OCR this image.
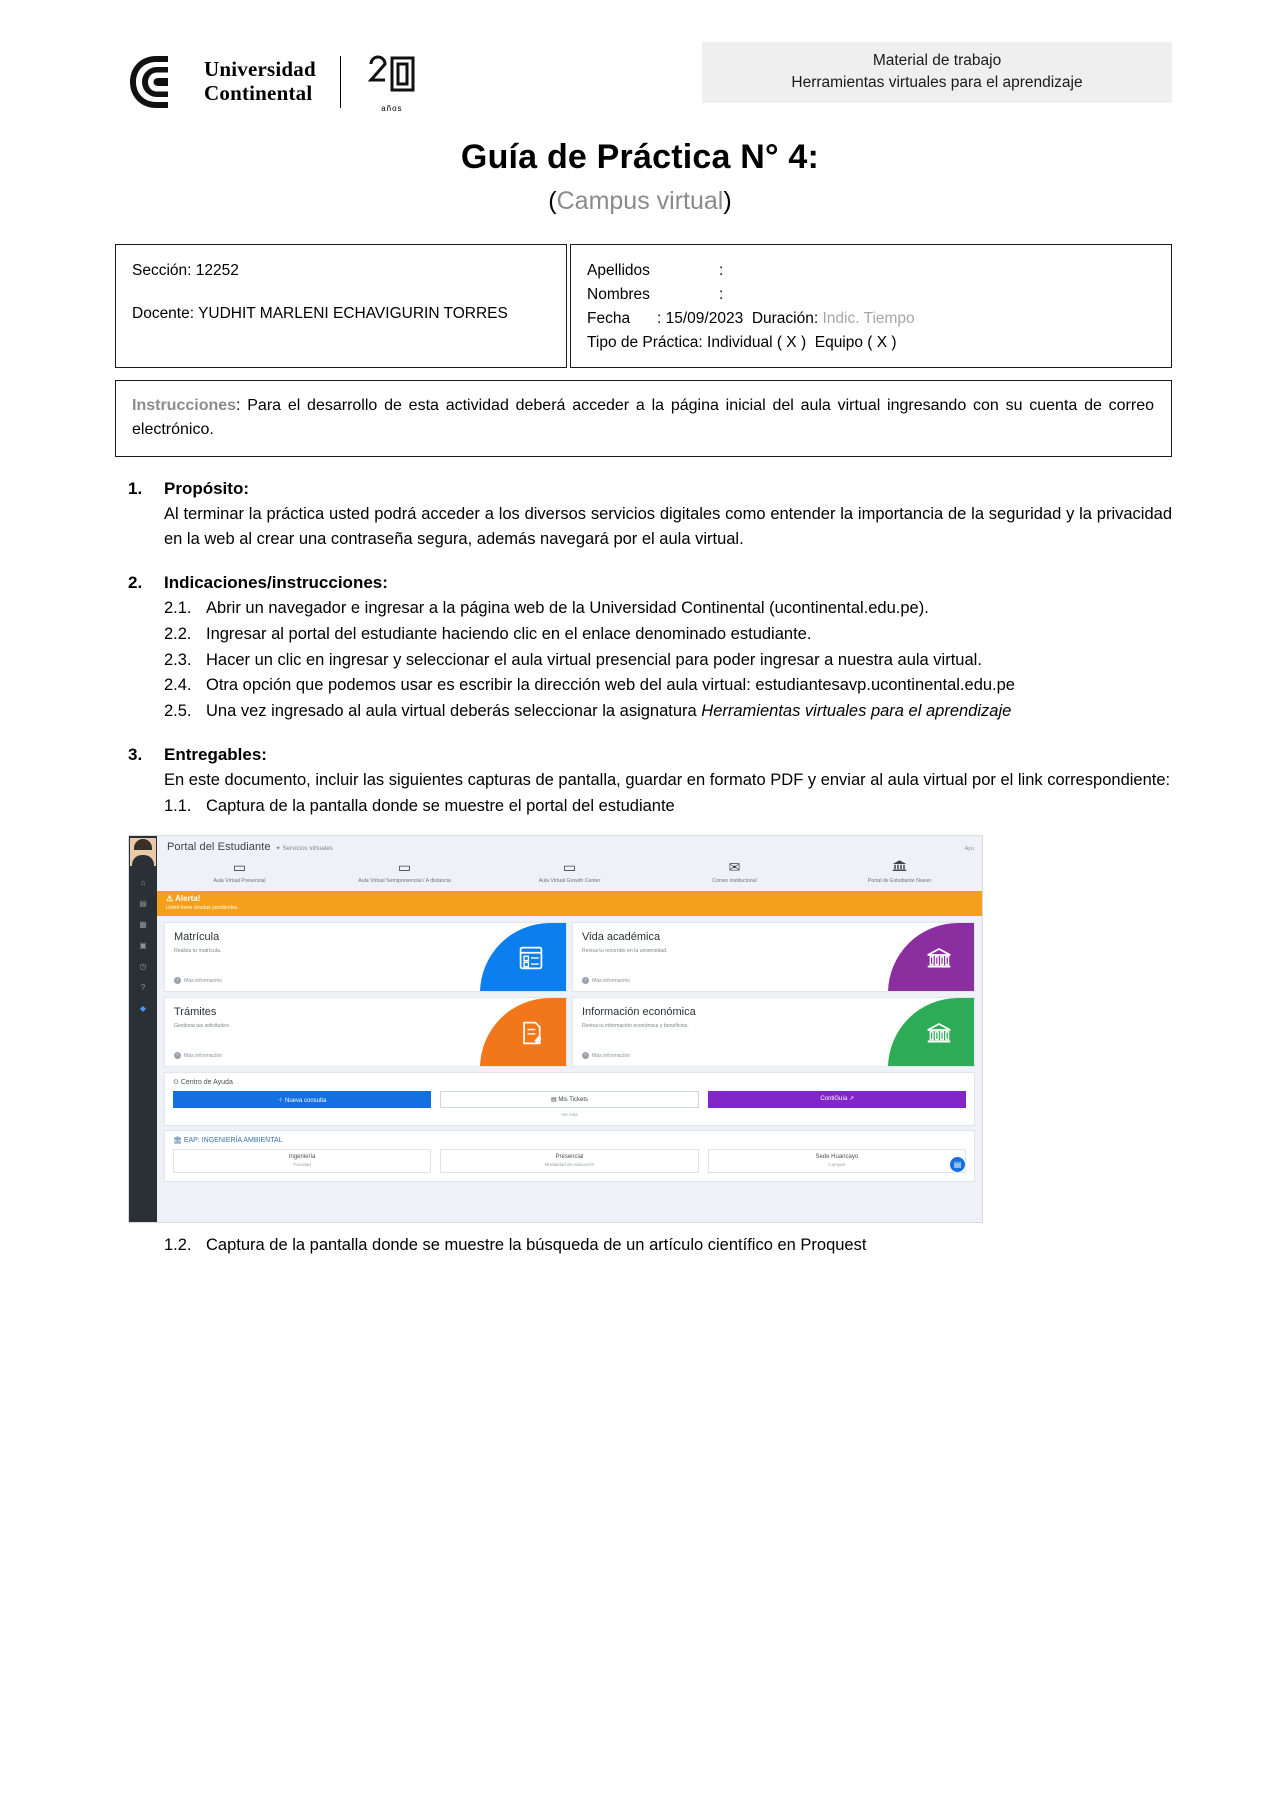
Universidad
Continental
años
Material de trabajo
Herramientas virtuales para el aprendizaje
Guía de Práctica N° 4:
(Campus virtual)
Sección: 12252
Docente: YUDHIT MARLENI ECHAVIGURIN TORRES
Apellidos	:
Nombres	:
Fecha : 15/09/2023 Duración: Indic. Tiempo
Tipo de Práctica: Individual ( X )  Equipo ( X )
Instrucciones: Para el desarrollo de esta actividad deberá acceder a la página inicial del aula virtual ingresando con su cuenta de correo electrónico.
1.	Propósito:
Al terminar la práctica usted podrá acceder a los diversos servicios digitales como entender la importancia de la seguridad y la privacidad en la web al crear una contraseña segura, además navegará por el aula virtual.
2.	Indicaciones/instrucciones:
2.1. Abrir un navegador e ingresar a la página web de la Universidad Continental (ucontinental.edu.pe).
2.2. Ingresar al portal del estudiante haciendo clic en el enlace denominado estudiante.
2.3. Hacer un clic en ingresar y seleccionar el aula virtual presencial para poder ingresar a nuestra aula virtual.
2.4. Otra opción que podemos usar es escribir la dirección web del aula virtual: estudiantesavp.ucontinental.edu.pe
2.5. Una vez ingresado al aula virtual deberás seleccionar la asignatura Herramientas virtuales para el aprendizaje
3.	Entregables:
En este documento, incluir las siguientes capturas de pantalla, guardar en formato PDF y enviar al aula virtual por el link correspondiente:
1.1. Captura de la pantalla donde se muestre el portal del estudiante
⌂
▤
▦
▣
◷
?
◆
Portal del Estudiante ✦ Servicios virtuales	Ayu
▭
Aula Virtual Presencial
▭
Aula Virtual Semipresencial / A distancia
▭
Aula Virtual Growth Center
✉
Correo institucional	Portal de Estudiante Nuevo
⚠ Alerta!
Usted tiene deudas pendientes.
Matrícula
Realiza tu matrícula.
›	Más información
Vida académica
Revisa tu recorrido en la universidad.
›	Más información
Trámites
Gestiona tus solicitudes.
›	Más información
Información económica
Revisa tu información económica y beneficios.
›	Más información
⊙ Centro de Ayuda
＋ Nueva consulta	▤ Mis Tickets	ContiGuía ↗
Ver más
🏛 EAP: INGENIERÍA AMBIENTAL
Ingeniería
Facultad
Presencial
Modalidad de educación
Sede Huancayo
Campus	▤
1.2. Captura de la pantalla donde se muestre la búsqueda de un artículo científico en Proquest
